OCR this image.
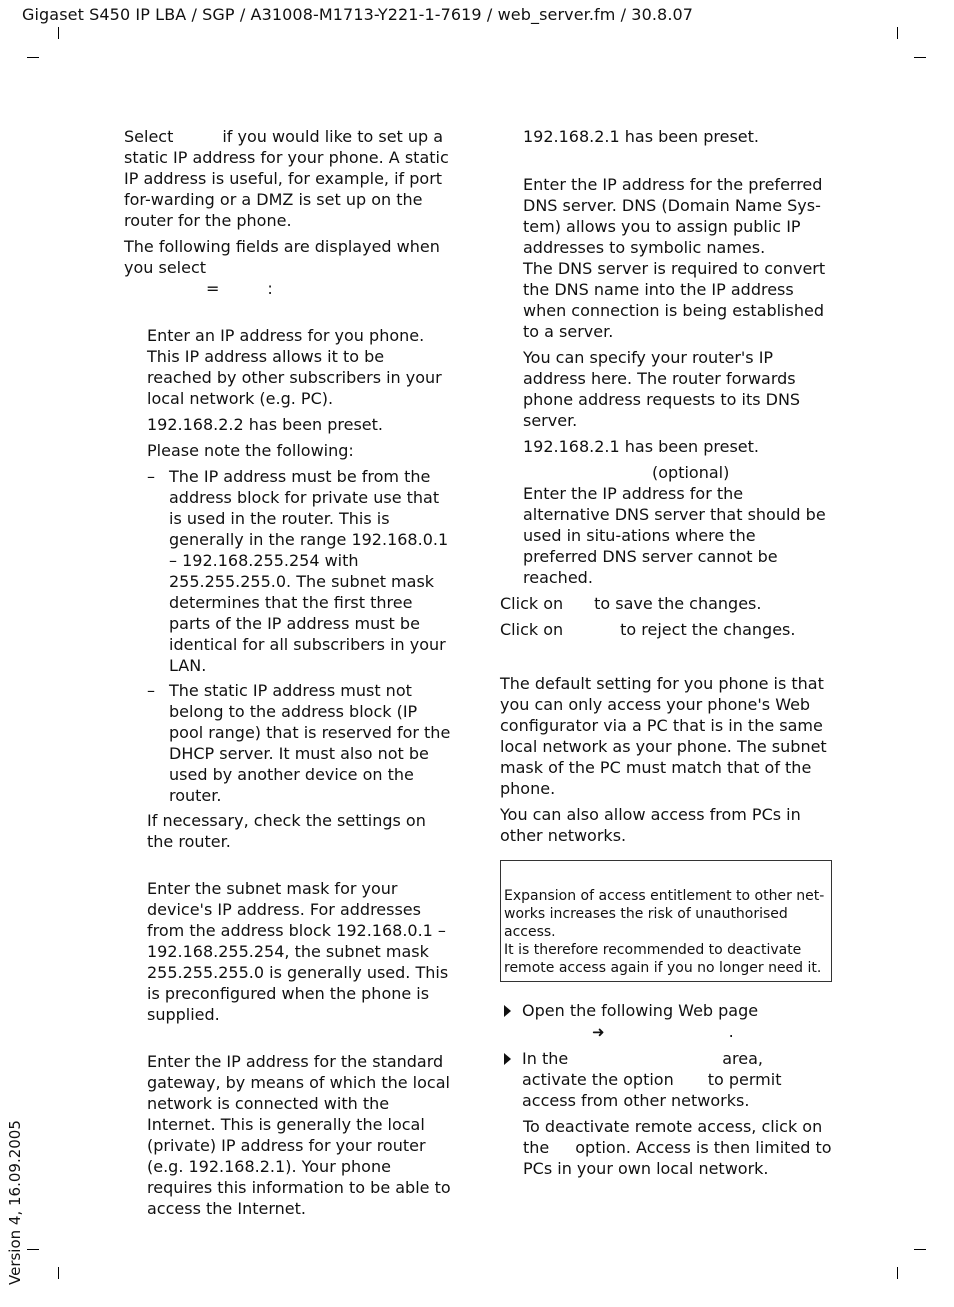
Gigaset S450 IP LBA / SGP / A31008-M1713-Y221-1-7619 / web_server.fm / 30.8.07
Version 4, 16.09.2005

Select	if you would like to set up a static IP address for your phone. A static IP address is useful, for example, if port for-warding or a DMZ is set up on the router for the phone.

The following fields are displayed when you select
=	:

Enter an IP address for you phone. This IP address allows it to be reached by other subscribers in your local network (e.g. PC).

192.168.2.2 has been preset.

Please note the following:

– The IP address must be from the address block for private use that is used in the router. This is generally in the range 192.168.0.1 – 192.168.255.254 with 255.255.255.0. The subnet mask determines that the first three parts of the IP address must be identical for all subscribers in your LAN.
– The static IP address must not belong to the address block (IP pool range) that is reserved for the DHCP server. It must also not be used by another device on the router.

If necessary, check the settings on the router.

Enter the subnet mask for your device's IP address. For addresses from the address block 192.168.0.1 – 192.168.255.254, the subnet mask 255.255.255.0 is generally used. This is preconfigured when the phone is supplied.

Enter the IP address for the standard gateway, by means of which the local network is connected with the Internet. This is generally the local (private) IP address for your router (e.g. 192.168.2.1). Your phone requires this information to be able to access the Internet.

192.168.2.1 has been preset.

Enter the IP address for the preferred DNS server. DNS (Domain Name Sys-tem) allows you to assign public IP addresses to symbolic names.

The DNS server is required to convert the DNS name into the IP address when connection is being established to a server.

You can specify your router's IP address here. The router forwards phone address requests to its DNS server.

192.168.2.1 has been preset.

(optional)

Enter the IP address for the alternative DNS server that should be used in situ-ations where the preferred DNS server cannot be reached.

Click on to save the changes.

Click on	to reject the changes.

The default setting for you phone is that you can only access your phone's Web configurator via a PC that is in the same local network as your phone. The subnet mask of the PC must match that of the phone.

You can also allow access from PCs in other networks.

Expansion of access entitlement to other net-works increases the risk of unauthorised access.

It is therefore recommended to deactivate remote access again if you no longer need it.

Open the following Web page
➜	.
In the	area, activate the option to permit access from other networks.

To deactivate remote access, click on the option. Access is then limited to PCs in your own local network.
